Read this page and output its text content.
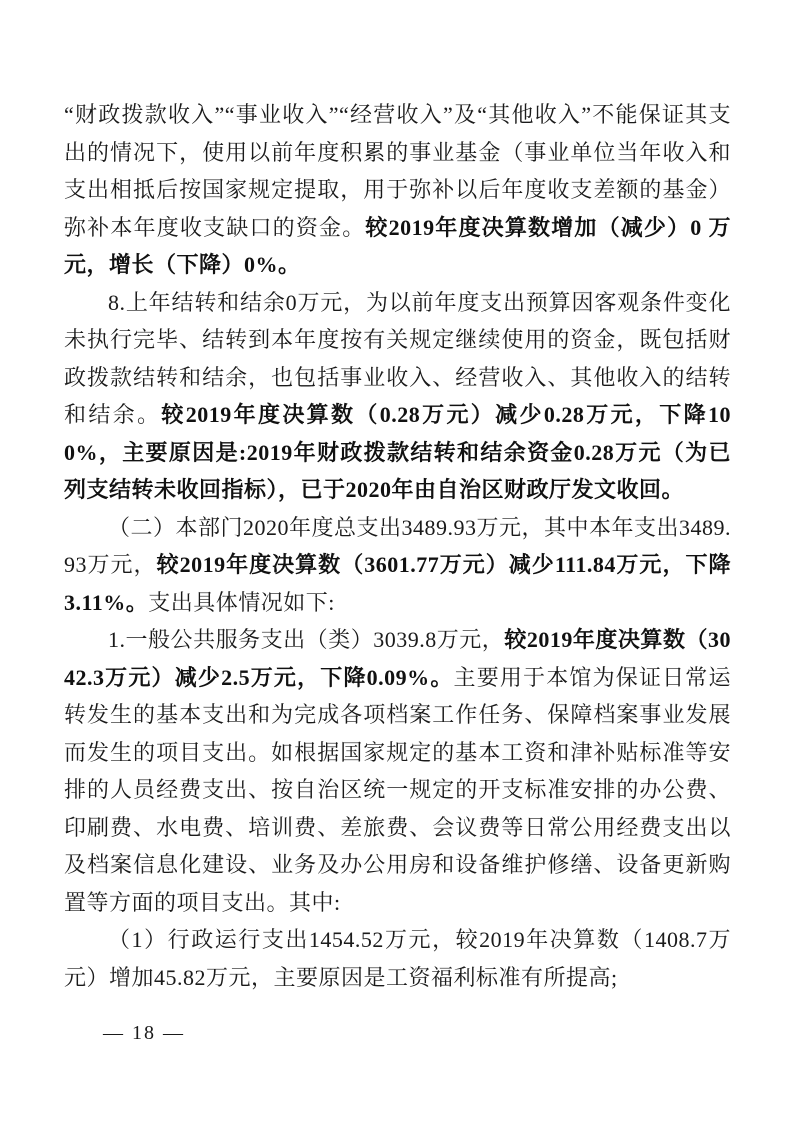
“财政拨款收入”“事业收入”“经营收入”及“其他收入”不能保证其支出的情况下，使用以前年度积累的事业基金（事业单位当年收入和支出相抵后按国家规定提取，用于弥补以后年度收支差额的基金）弥补本年度收支缺口的资金。较2019年度决算数增加（减少）0 万元，增长（下降）0%。

8.上年结转和结余0万元，为以前年度支出预算因客观条件变化未执行完毕、结转到本年度按有关规定继续使用的资金，既包括财政拨款结转和结余，也包括事业收入、经营收入、其他收入的结转和结余。较2019年度决算数（0.28万元）减少0.28万元，下降100%，主要原因是:2019年财政拨款结转和结余资金0.28万元（为已列支结转未收回指标），已于2020年由自治区财政厅发文收回。

（二）本部门2020年度总支出3489.93万元，其中本年支出3489.93万元，较2019年度决算数（3601.77万元）减少111.84万元，下降3.11%。支出具体情况如下:

1.一般公共服务支出（类）3039.8万元，较2019年度决算数（3042.3万元）减少2.5万元，下降0.09%。主要用于本馆为保证日常运转发生的基本支出和为完成各项档案工作任务、保障档案事业发展而发生的项目支出。如根据国家规定的基本工资和津补贴标准等安排的人员经费支出、按自治区统一规定的开支标准安排的办公费、印刷费、水电费、培训费、差旅费、会议费等日常公用经费支出以及档案信息化建设、业务及办公用房和设备维护修缮、设备更新购置等方面的项目支出。其中:

（1）行政运行支出1454.52万元，较2019年决算数（1408.7万元）增加45.82万元，主要原因是工资福利标准有所提高;

— 18 —
